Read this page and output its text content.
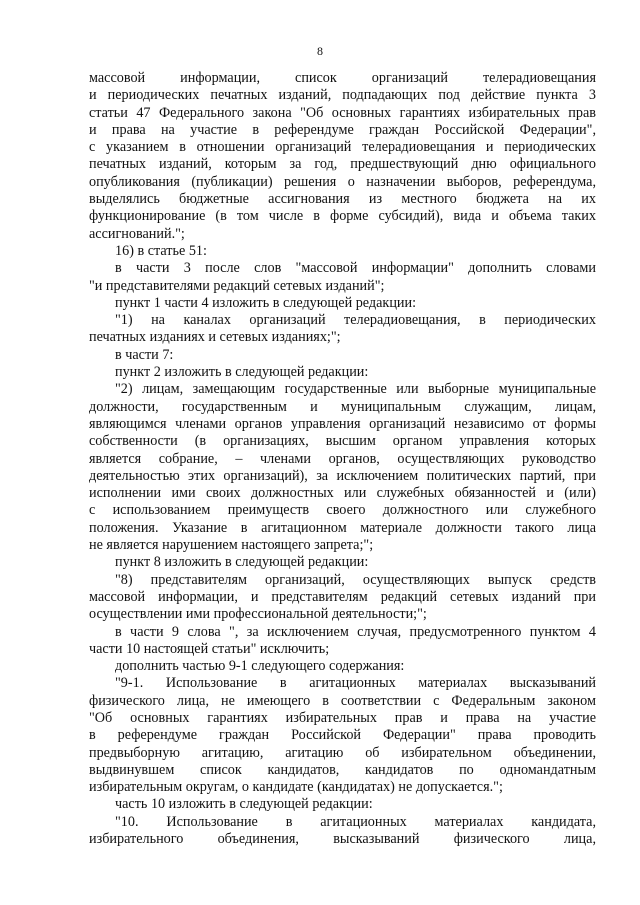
8
массовой информации, список организаций телерадиовещания
и периодических печатных изданий, подпадающих под действие пункта 3
статьи 47 Федерального закона "Об основных гарантиях избирательных прав
и права на участие в референдуме граждан Российской Федерации",
с указанием в отношении организаций телерадиовещания и периодических
печатных изданий, которым за год, предшествующий дню официального
опубликования (публикации) решения о назначении выборов, референдума,
выделялись бюджетные ассигнования из местного бюджета на их
функционирование (в том числе в форме субсидий), вида и объема таких
ассигнований.";
16) в статье 51:
в части 3 после слов "массовой информации" дополнить словами
"и представителями редакций сетевых изданий";
пункт 1 части 4 изложить в следующей редакции:
"1) на каналах организаций телерадиовещания, в периодических
печатных изданиях и сетевых изданиях;";
в части 7:
пункт 2 изложить в следующей редакции:
"2) лицам, замещающим государственные или выборные муниципальные
должности, государственным и муниципальным служащим, лицам,
являющимся членами органов управления организаций независимо от формы
собственности (в организациях, высшим органом управления которых
является собрание, – членами органов, осуществляющих руководство
деятельностью этих организаций), за исключением политических партий, при
исполнении ими своих должностных или служебных обязанностей и (или)
с использованием преимуществ своего должностного или служебного
положения. Указание в агитационном материале должности такого лица
не является нарушением настоящего запрета;";
пункт 8 изложить в следующей редакции:
"8) представителям организаций, осуществляющих выпуск средств
массовой информации, и представителям редакций сетевых изданий при
осуществлении ими профессиональной деятельности;";
в части 9 слова ", за исключением случая, предусмотренного пунктом 4
части 10 настоящей статьи" исключить;
дополнить частью 9-1 следующего содержания:
"9-1. Использование в агитационных материалах высказываний
физического лица, не имеющего в соответствии с Федеральным законом
"Об основных гарантиях избирательных прав и права на участие
в референдуме граждан Российской Федерации" права проводить
предвыборную агитацию, агитацию об избирательном объединении,
выдвинувшем список кандидатов, кандидатов по одномандатным
избирательным округам, о кандидате (кандидатах) не допускается.";
часть 10 изложить в следующей редакции:
"10. Использование в агитационных материалах кандидата,
избирательного объединения, высказываний физического лица,
